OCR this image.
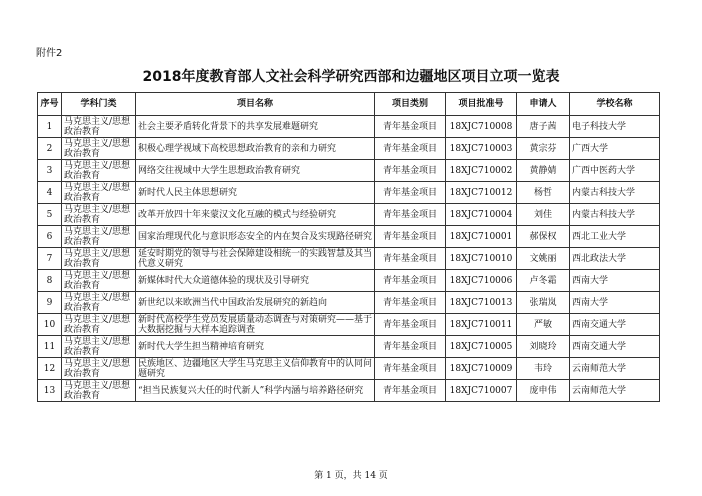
附件2
2018年度教育部人文社会科学研究西部和边疆地区项目立项一览表
序号	学科门类	项目名称	项目类别	项目批准号	申请人	学校名称
1	马克思主义/思想政治教育	社会主要矛盾转化背景下的共享发展难题研究	青年基金项目	18XJC710008	唐子茜	电子科技大学
2	马克思主义/思想政治教育	积极心理学视域下高校思想政治教育的亲和力研究	青年基金项目	18XJC710003	黄宗芬	广西大学
3	马克思主义/思想政治教育	网络交往视域中大学生思想政治教育研究	青年基金项目	18XJC710002	黄静婧	广西中医药大学
4	马克思主义/思想政治教育	新时代人民主体思想研究	青年基金项目	18XJC710012	杨哲	内蒙古科技大学
5	马克思主义/思想政治教育	改革开放四十年来蒙汉文化互融的模式与经验研究	青年基金项目	18XJC710004	刘佳	内蒙古科技大学
6	马克思主义/思想政治教育	国家治理现代化与意识形态安全的内在契合及实现路径研究	青年基金项目	18XJC710001	郝保权	西北工业大学
7	马克思主义/思想政治教育	延安时期党的领导与社会保障建设相统一的实践智慧及其当代意义研究	青年基金项目	18XJC710010	文姚丽	西北政法大学
8	马克思主义/思想政治教育	新媒体时代大众道德体验的现状及引导研究	青年基金项目	18XJC710006	卢冬霜	西南大学
9	马克思主义/思想政治教育	新世纪以来欧洲当代中国政治发展研究的新趋向	青年基金项目	18XJC710013	张瑞岚	西南大学
10	马克思主义/思想政治教育	新时代高校学生党员发展质量动态调查与对策研究——基于大数据挖掘与大样本追踪调查	青年基金项目	18XJC710011	严敏	西南交通大学
11	马克思主义/思想政治教育	新时代大学生担当精神培育研究	青年基金项目	18XJC710005	刘晓玲	西南交通大学
12	马克思主义/思想政治教育	民族地区、边疆地区大学生马克思主义信仰教育中的认同问题研究	青年基金项目	18XJC710009	韦玲	云南师范大学
13	马克思主义/思想政治教育	“担当民族复兴大任的时代新人”科学内涵与培养路径研究	青年基金项目	18XJC710007	庞申伟	云南师范大学
第 1 页，共 14 页
